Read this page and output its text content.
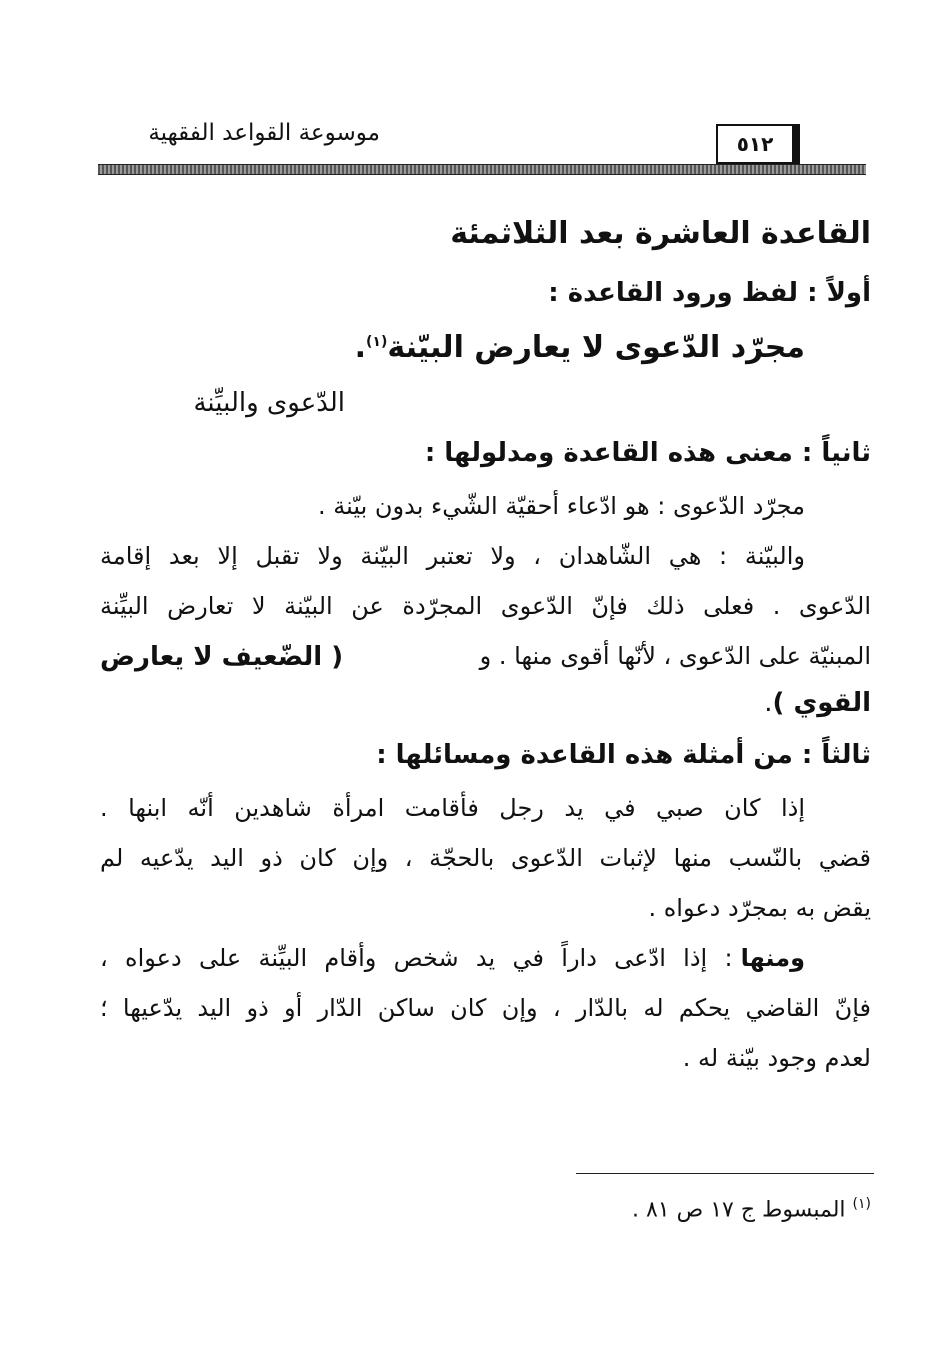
موسوعة القواعد الفقهية	٥١٢
القاعدة العاشرة بعد الثلاثمئة
أولاً : لفظ ورود القاعدة :
مجرّد الدّعوى لا يعارض البيّنة$^{(١)}$.
الدّعوى والبيِّنة
ثانياً : معنى هذه القاعدة ومدلولها :
مجرّد الدّعوى : هو ادّعاء أحقيّة الشّيء بدون بيّنة .
والبيّنة : هي الشّاهدان ، ولا تعتبر البيّنة ولا تقبل إلا بعد إقامة
الدّعوى . فعلى ذلك فإنّ الدّعوى المجرّدة عن البيّنة لا تعارض البيِّنة
المبنيّة على الدّعوى ، لأنّها أقوى منها . و
( الضّعيف لا يعارض
القوي ).
ثالثاً : من أمثلة هذه القاعدة ومسائلها :
إذا كان صبي في يد رجل فأقامت امرأة شاهدين أنّه ابنها .
قضي بالنّسب منها لإثبات الدّعوى بالحجّة ، وإن كان ذو اليد يدّعيه لم
يقض به بمجرّد دعواه .
ومنها
: إذا ادّعى داراً في يد شخص وأقام البيِّنة على دعواه ،
فإنّ القاضي يحكم له بالدّار ، وإن كان ساكن الدّار أو ذو اليد يدّعيها ؛
لعدم وجود بيّنة له .
$^{(١)}$ المبسوط ج ١٧ ص ٨١ .
